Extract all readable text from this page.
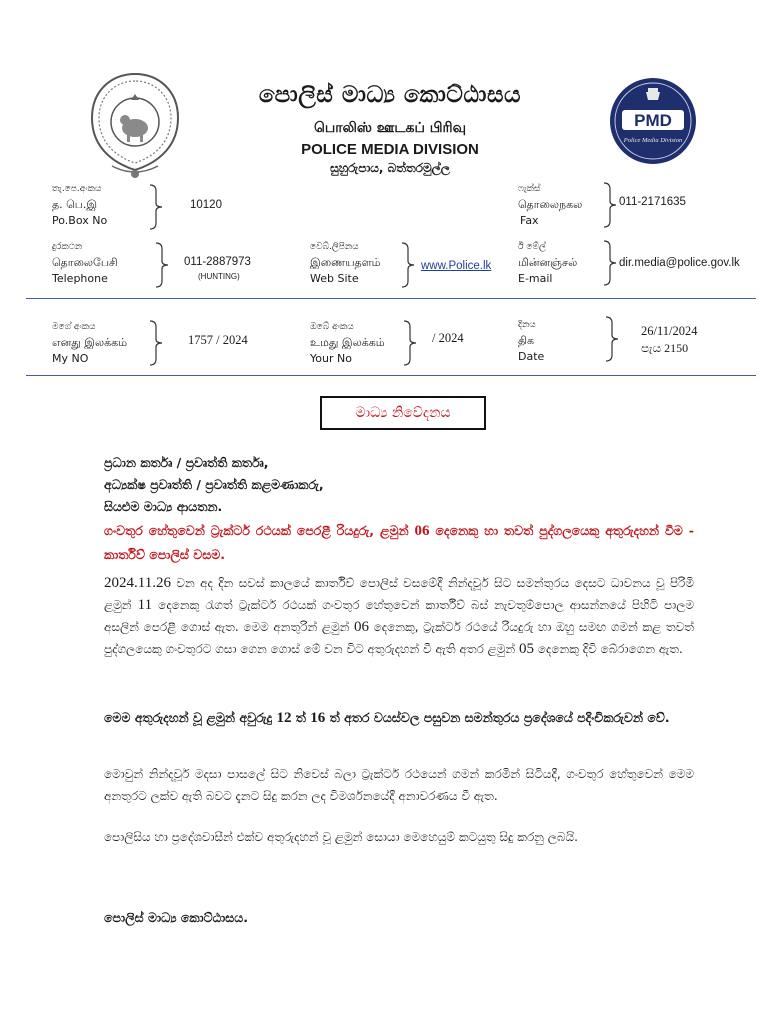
PMD
Police Media Division
පොලිස් මාධ්‍ය කොට්ඨාසය
பொலிஸ் ஊடகப் பிரிவு
POLICE MEDIA DIVISION
සුහුරුපාය, බත්තරමුල්ල
තැ.පෙ.අංකය
த. பெ.இ
Po.Box No
10120
ෆැක්ස්
தொலைநகல
Fax
011-2171635
දුරකථන
தொலைபேசி
Telephone
011-2887973
(HUNTING)
වෙබ්.ලිපිනය
இணையதளம்
Web Site
www.Police.lk
ඊ මේල්
மின்னஞ்சல்
E-mail
dir.media@police.gov.lk
මගේ අංකය
எனது இலக்கம்
My NO
1757 / 2024
ඔබේ අංකය
உமது இலக்கம்
Your No
/ 2024
දිනය
திக
Date
26/11/2024
පැය 2150
මාධ්‍ය නිවේදනය
ප්‍රධාන කර්තෘ / ප්‍රවෘත්ති කර්තෘ,
අධ්‍යක්ෂ ප්‍රවෘත්ති / ප්‍රවෘත්ති කළමණාකරු,
සියළුම මාධ්‍ය ආයතන.
ගංවතුර හේතුවෙන් ට්‍රැක්ටර් රථයක් පෙරළී රියදුරු, ළමුන් 06 දෙනෙකු හා තවත් පුද්ගලයෙකු අතුරුදහන් වීම - කාර්තිව් පොලිස් වසම.
2024.11.26 වන අද දින සවස් කාලයේ කාර්තිව් පොලිස් වසමේදී නින්දවූර් සිට සමන්තුරය දෙසට ධාවනය වූ පිරිමි ළමුන් 11 දෙනෙකු රැගත් ට්‍රැක්ටර් රථයක් ගංවතුර හේතුවෙන් කාර්තිව් බස් නැවතුම්පොල ආසන්නයේ පිහිටි පාලම අසලින් පෙරළී ගොස් ඇත. මෙම අනතුරින් ළමුන් 06 දෙනෙකු, ට්‍රැක්ටර් රථයේ රියදුරු හා ඔහු සමඟ ගමන් කළ තවත් පුද්ගලයෙකු ගංවතුරට ගසා ගෙන ගොස් මේ වන විට අතුරුදහන් වී ඇති අතර ළමුන් 05 දෙනෙකු දිවි බේරාගෙන ඇත.
මෙම අතුරුදහන් වූ ළමුන් අවුරුදු 12 ත් 16 ත් අතර වයස්වල පසුවන සමන්තුරය ප්‍රදේශයේ පදිංචිකරුවන් වේ.
මොවුන් නින්දවූර් මදසා පාසලේ සිට නිවෙස් බලා ට්‍රැක්ටර් රථයෙන් ගමන් කරමින් සිටියදී, ගංවතුර හේතුවෙන් මෙම අනතුරට ලක්ව ඇති බවට දැනට සිදු කරන ලද විමර්ශනයේදී අනාවරණය වී ඇත.
පොලිසිය හා ප්‍රදේශවාසීන් එක්ව අතුරුදහන් වූ ළමුන් සොයා මෙහෙයුම් කටයුතු සිදු කරනු ලබයි.
පොලිස් මාධ්‍ය කොට්ඨාසය.
